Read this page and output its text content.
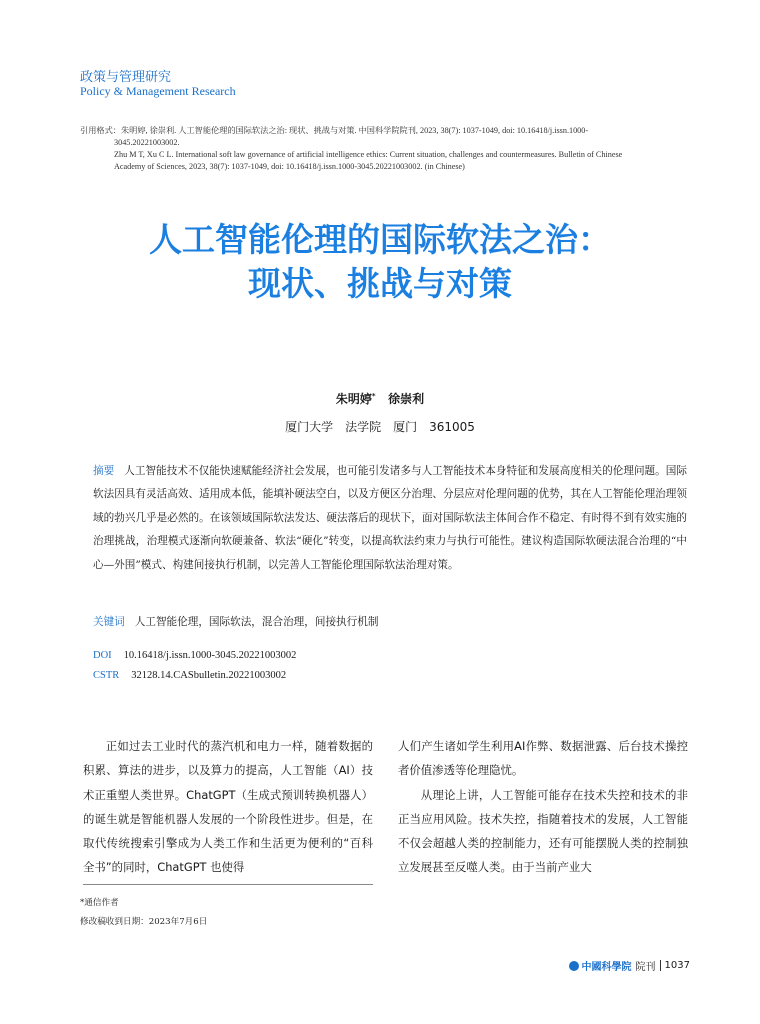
政策与管理研究
Policy & Management Research
引用格式：朱明婷, 徐崇利. 人工智能伦理的国际软法之治: 现状、挑战与对策. 中国科学院院刊, 2023, 38(7): 1037-1049, doi: 10.16418/j.issn.1000-
3045.20221003002.
Zhu M T, Xu C L. International soft law governance of artificial intelligence ethics: Current situation, challenges and countermeasures. Bulletin of Chinese
Academy of Sciences, 2023, 38(7): 1037-1049, doi: 10.16418/j.issn.1000-3045.20221003002. (in Chinese)
人工智能伦理的国际软法之治：
现状、挑战与对策
朱明婷* 徐崇利
厦门大学　法学院　厦门　361005
摘要 人工智能技术不仅能快速赋能经济社会发展，也可能引发诸多与人工智能技术本身特征和发展高度相关的伦理问题。国际软法因具有灵活高效、适用成本低，能填补硬法空白，以及方便区分治理、分层应对伦理问题的优势，其在人工智能伦理治理领域的勃兴几乎是必然的。在该领域国际软法发达、硬法落后的现状下，面对国际软法主体间合作不稳定、有时得不到有效实施的治理挑战，治理模式逐渐向软硬兼备、软法“硬化”转变，以提高软法约束力与执行可能性。建议构造国际软硬法混合治理的“中心—外围”模式、构建间接执行机制，以完善人工智能伦理国际软法治理对策。
关键词 人工智能伦理，国际软法，混合治理，间接执行机制
DOI 10.16418/j.issn.1000-3045.20221003002
CSTR 32128.14.CASbulletin.20221003002

正如过去工业时代的蒸汽机和电力一样，随着数据的积累、算法的进步，以及算力的提高，人工智能（AI）技术正重塑人类世界。ChatGPT（生成式预训转换机器人）的诞生就是智能机器人发展的一个阶段性进步。但是，在取代传统搜索引擎成为人类工作和生活更为便利的“百科全书”的同时，ChatGPT 也使得

人们产生诸如学生利用AI作弊、数据泄露、后台技术操控者价值渗透等伦理隐忧。

从理论上讲，人工智能可能存在技术失控和技术的非正当应用风险。技术失控，指随着技术的发展，人工智能不仅会超越人类的控制能力，还有可能摆脱人类的控制独立发展甚至反噬人类。由于当前产业大

*通信作者
修改稿收到日期：2023年7月6日
中國科學院 院刊 1037
